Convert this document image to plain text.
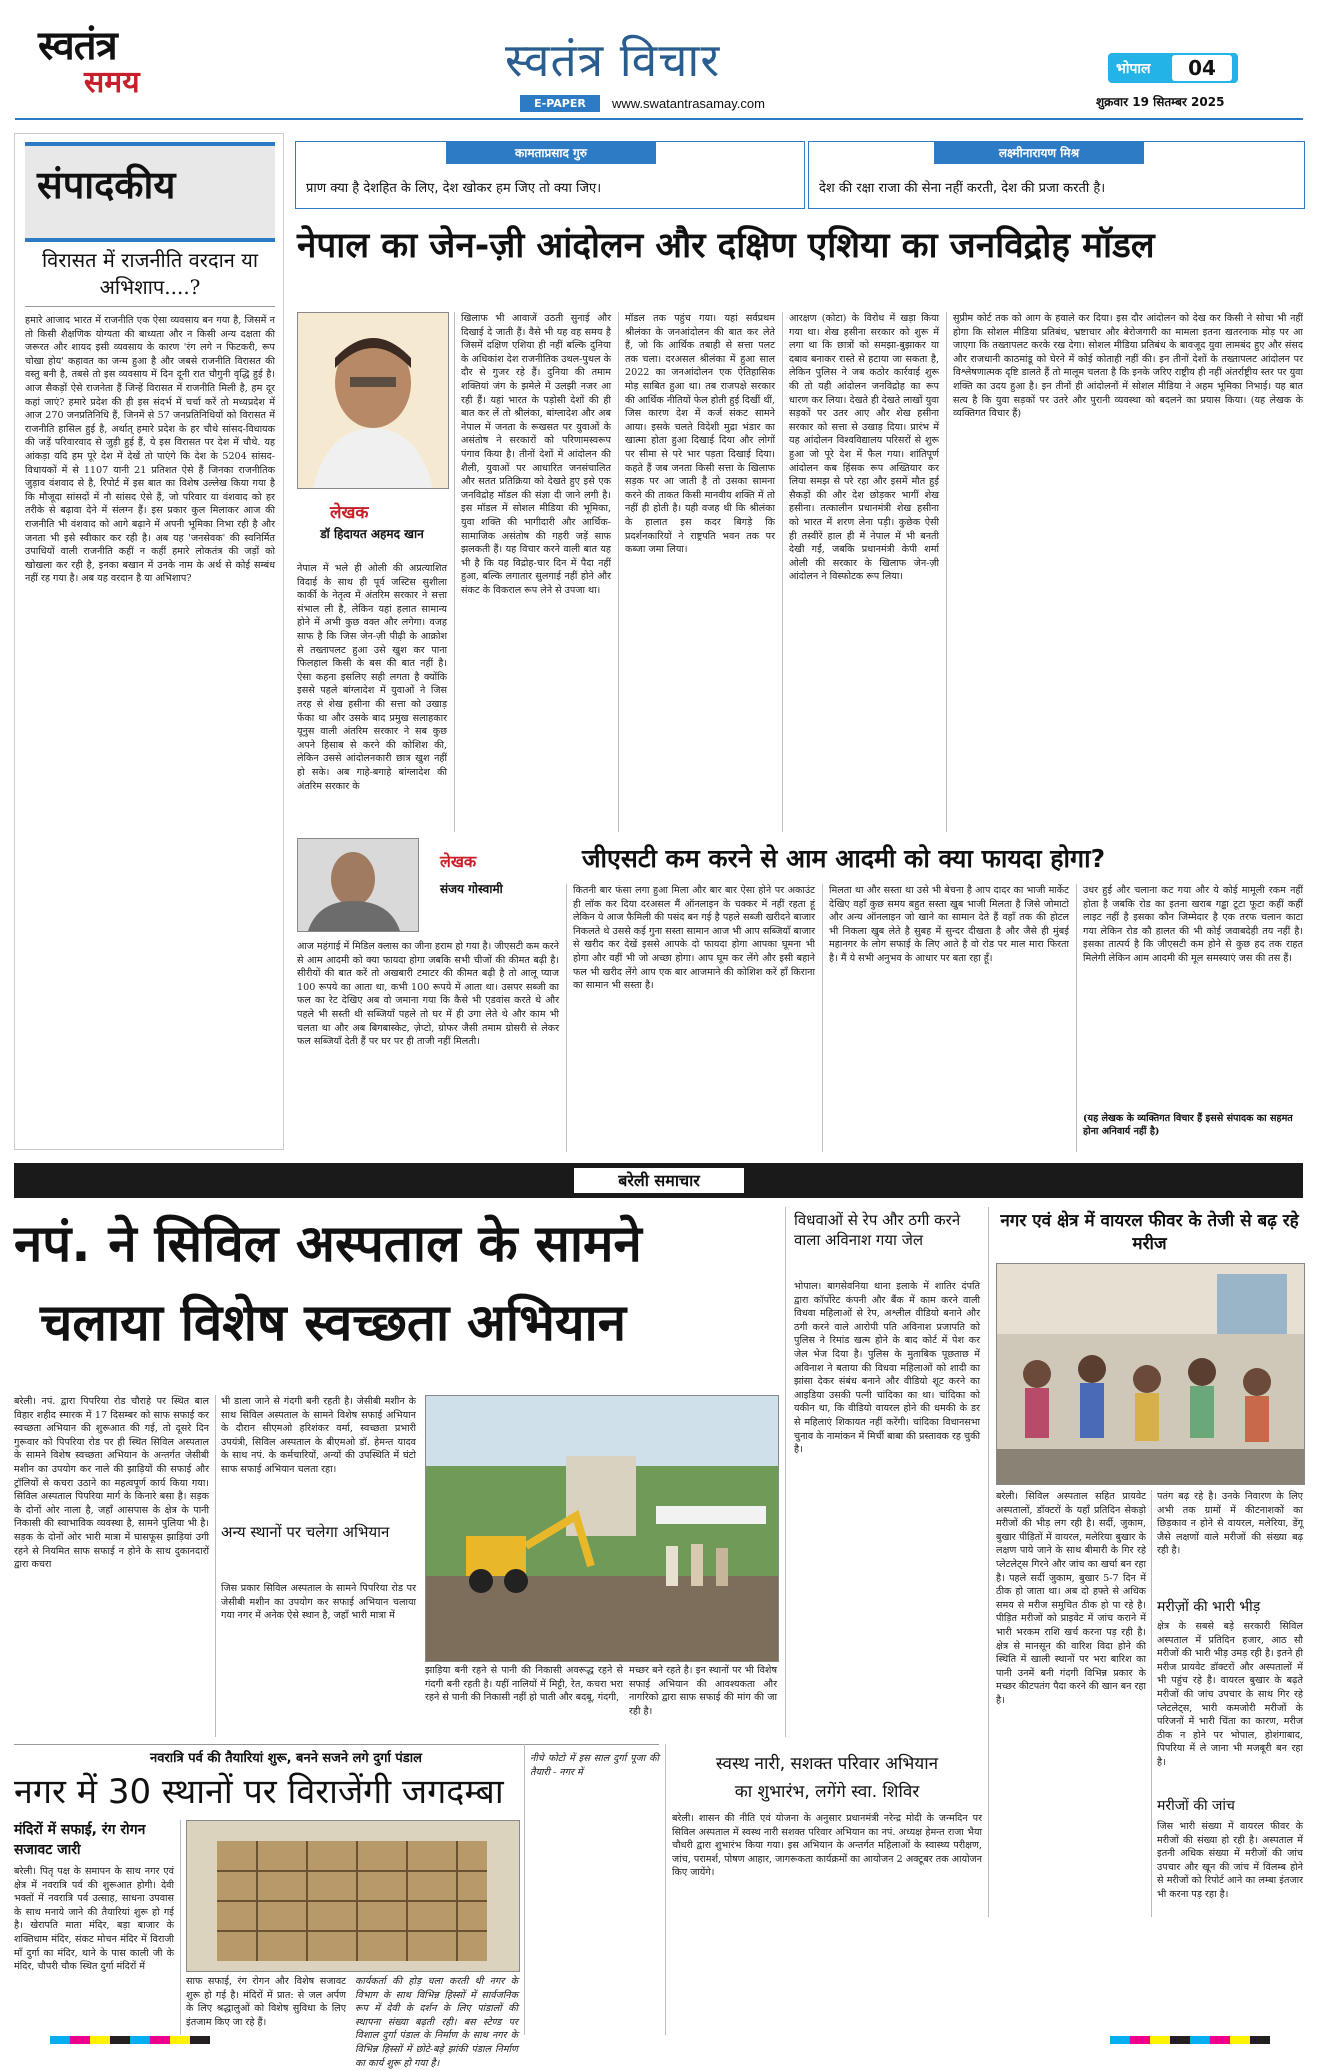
स्वतंत्र
समय	स्वतंत्र विचार
E-PAPER	www.swatantrasamay.com
भोपाल	04
शुक्रवार 19 सितम्बर 2025
संपादकीय
विरासत में राजनीति वरदान या अभिशाप....?
हमारे आजाद भारत में राजनीति एक ऐसा व्यवसाय बन गया है, जिसमें न तो किसी शैक्षणिक योग्यता की बाध्यता और न किसी अन्य दक्षता की जरूरत और शायद इसी व्यवसाय के कारण 'रंग लगे न फिटकरी, रूप चोखा होय' कहावत का जन्म हुआ है और जबसे राजनीति विरासत की वस्तु बनी है, तबसे तो इस व्यवसाय में दिन दूनी रात चौगुनी वृद्धि हुई है। आज सैकड़ों ऐसे राजनेता हैं जिन्हें विरासत में राजनीति मिली है, हम दूर कहां जाएं? हमारे प्रदेश की ही इस संदर्भ में चर्चा करें तो मध्यप्रदेश में आज 270 जनप्रतिनिधि हैं, जिनमें से 57 जनप्रतिनिधियों को विरासत में राजनीति हासिल हुई है, अर्थात् हमारे प्रदेश के हर चौथे सांसद-विधायक की जड़ें परिवारवाद से जुड़ी हुई हैं, ये इस विरासत पर देश में चौथे. यह आंकड़ा यदि हम पूरे देश में देखें तो पाएंगे कि देश के 5204 सांसद-विधायकों में से 1107 यानी 21 प्रतिशत ऐसे हैं जिनका राजनीतिक जुड़ाव वंशवाद से है, रिपोर्ट में इस बात का विशेष उल्लेख किया गया है कि मौजूदा सांसदों में नौ सांसद ऐसे हैं, जो परिवार या वंशवाद को हर तरीके से बढ़ावा देने में संलग्न हैं। इस प्रकार कुल मिलाकर आज की राजनीति भी वंशवाद को आगे बढ़ाने में अपनी भूमिका निभा रही है और जनता भी इसे स्वीकार कर रही है। अब यह 'जनसेवक' की स्वनिर्मित उपाधियों वाली राजनीति कहीं न कहीं हमारे लोकतंत्र की जड़ों को खोखला कर रही है, इनका बखान में उनके नाम के अर्थ से कोई सम्बंध नहीं रह गया है। अब यह वरदान है या अभिशाप?
कामताप्रसाद गुरु
प्राण क्या है देशहित के लिए, देश खोकर हम जिए तो क्या जिए।
लक्ष्मीनारायण मिश्र
देश की रक्षा राजा की सेना नहीं करती, देश की प्रजा करती है।
नेपाल का जेन-ज़ी आंदोलन और दक्षिण एशिया का जनविद्रोह मॉडल
लेखक
डॉ हिदायत अहमद खान
नेपाल में भले ही ओली की अप्रत्याशित विदाई के साथ ही पूर्व जस्टिस सुशीला कार्की के नेतृत्व में अंतरिम सरकार ने सत्ता संभाल ली है, लेकिन यहां हलात सामान्य होने में अभी कुछ वक्त और लगेगा। वजह साफ है कि जिस जेन-ज़ी पीढ़ी के आक्रोश से तख्तापलट हुआ उसे खुश कर पाना फिलहाल किसी के बस की बात नहीं है। ऐसा कहना इसलिए सही लगता है क्योंकि इससे पहले बांग्लादेश में युवाओं ने जिस तरह से शेख हसीना की सत्ता को उखाड़ फेंका था और उसके बाद प्रमुख सलाहकार यूनुस वाली अंतरिम सरकार ने सब कुछ अपने हिसाब से करने की कोशिश की, लेकिन उससे आंदोलनकारी छात्र खुश नहीं हो सके। अब गाहे-बगाहे बांग्लादेश की अंतरिम सरकार के
खिलाफ भी आवाजें उठती सुनाई और दिखाई दे जाती हैं। वैसे भी यह वह समय है जिसमें दक्षिण एशिया ही नहीं बल्कि दुनिया के अधिकांश देश राजनीतिक उथल-पुथल के दौर से गुजर रहे हैं। दुनिया की तमाम शक्तियां जंग के झमेले में उलझी नजर आ रही हैं। यहां भारत के पड़ोसी देशों की ही बात कर लें तो श्रीलंका, बांग्लादेश और अब नेपाल में जनता के रूखसत पर युवाओं के असंतोष ने सरकारों को परिणामस्वरूप पंगाव किया है। तीनों देशों में आंदोलन की शैली, युवाओं पर आधारित जनसंचालित और सतत प्रतिक्रिया को देखते हुए इसे एक जनविद्रोह मॉडल की संज्ञा दी जाने लगी है। इस मॉडल में सोशल मीडिया की भूमिका, युवा शक्ति की भागीदारी और आर्थिक-सामाजिक असंतोष की गहरी जड़ें साफ झलकती हैं। यह विचार करने वाली बात यह भी है कि यह विद्रोह-चार दिन में पैदा नहीं हुआ, बल्कि लगातार सुलगाई नहीं होने और संकट के विकराल रूप लेने से उपजा था।
मॉडल तक पहुंच गया। यहां सर्वप्रथम श्रीलंका के जनआंदोलन की बात कर लेते हैं, जो कि आर्थिक तबाही से सत्ता पलट तक चला। दरअसल श्रीलंका में हुआ साल 2022 का जनआंदोलन एक ऐतिहासिक मोड़ साबित हुआ था। तब राजपक्षे सरकार की आर्थिक नीतियों फेल होती हुई दिखीं थीं, जिस कारण देश में कर्ज संकट सामने आया। इसके चलते विदेशी मुद्रा भंडार का खात्मा होता हुआ दिखाई दिया और लोगों पर सीमा से परे भार पड़ता दिखाई दिया। कहते हैं जब जनता किसी सत्ता के खिलाफ सड़क पर आ जाती है तो उसका सामना करने की ताकत किसी मानवीय शक्ति में तो नहीं ही होती है। यही वजह थी कि श्रीलंका के हालात इस कदर बिगड़े कि प्रदर्शनकारियों ने राष्ट्रपति भवन तक पर कब्जा जमा लिया।
आरक्षण (कोटा) के विरोध में खड़ा किया गया था। शेख हसीना सरकार को शुरू में लगा था कि छात्रों को समझा-बुझाकर या दबाव बनाकर रास्ते से हटाया जा सकता है, लेकिन पुलिस ने जब कठोर कार्रवाई शुरू की तो यही आंदोलन जनविद्रोह का रूप धारण कर लिया। देखते ही देखते लाखों युवा सड़कों पर उतर आए और शेख हसीना सरकार को सत्ता से उखाड़ दिया। प्रारंभ में यह आंदोलन विश्वविद्यालय परिसरों से शुरू हुआ जो पूरे देश में फैल गया। शांतिपूर्ण आंदोलन कब हिंसक रूप अख्तियार कर लिया समझ से परे रहा और इसमें मौत हुई सैकड़ों की और देश छोड़कर भागीं शेख हसीना। तत्कालीन प्रधानमंत्री शेख हसीना को भारत में शरण लेना पड़ी। कुछेक ऐसी ही तस्वीरें हाल ही में नेपाल में भी बनती देखी गईं, जबकि प्रधानमंत्री केपी शर्मा ओली की सरकार के खिलाफ जेन-ज़ी आंदोलन ने विस्फोटक रूप लिया।
सुप्रीम कोर्ट तक को आग के हवाले कर दिया। इस दौर आंदोलन को देख कर किसी ने सोचा भी नहीं होगा कि सोशल मीडिया प्रतिबंध, भ्रष्टाचार और बेरोजगारी का मामला इतना खतरनाक मोड़ पर आ जाएगा कि तख्तापलट करके रख देगा। सोशल मीडिया प्रतिबंध के बावजूद युवा लामबंद हुए और संसद और राजधानी काठमांडू को घेरने में कोई कोताही नहीं की। इन तीनों देशों के तख्तापलट आंदोलन पर विश्लेषणात्मक दृष्टि डालते हैं तो मालूम चलता है कि इनके जरिए राष्ट्रीय ही नहीं अंतर्राष्ट्रीय स्तर पर युवा शक्ति का उदय हुआ है। इन तीनों ही आंदोलनों में सोशल मीडिया ने अहम भूमिका निभाई। यह बात सत्य है कि युवा सड़कों पर उतरे और पुरानी व्यवस्था को बदलने का प्रयास किया। (यह लेखक के व्यक्तिगत विचार हैं)
लेखक
संजय गोस्वामी
जीएसटी कम करने से आम आदमी को क्या फायदा होगा?
आज महंगाई में मिडिल क्लास का जीना हराम हो गया है। जीएसटी कम करने से आम आदमी को क्या फायदा होगा जबकि सभी चीजों की कीमत बढ़ी है। सीरीयों की बात करें तो अखबारी टमाटर की कीमत बढ़ी है तो आलू प्याज 100 रूपये का आता था, कभी 100 रूपये में आता था। उसपर सब्जी का फल का रेट देखिए अब वो जमाना गया कि कैसे भी एडवांस करते थे और पहले भी सस्ती थी सब्जियाँ पहले तो घर में ही उगा लेते थे और काम भी चलता था और अब बिगबास्केट, ज़ेप्टो, ग्रोफर जैसी तमाम ग्रोसरी से लेकर फल सब्जियाँ देती हैं पर घर पर ही ताजी नहीं मिलती।
कितनी बार फंसा लगा हुआ मिला और बार बार ऐसा होने पर अकाउंट ही लॉक कर दिया दरअसल मैं ऑनलाइन के चक्कर में नहीं रहता हूं लेकिन ये आज फैमिली की पसंद बन गई है पहले सब्जी खरीदने बाजार निकलते थे उससे कई गुना सस्ता सामान आज भी आप सब्जियाँ बाजार से खरीद कर देखें इससे आपके दो फायदा होगा आपका घूमना भी होगा और वहीं भी जो अच्छा होगा। आप घूम कर लेंगे और इसी बहाने फल भी खरीद लेंगे आप एक बार आजमाने की कोशिश करें हाँ किराना का सामान भी सस्ता है।
मिलता था और सस्ता था उसे भी बेचना है आप दादर का भाजी मार्केट देखिए वहाँ कुछ समय बहुत सस्ता खुब भाजी मिलता है जिसे जोमाटो और अन्य ऑनलाइन जो खाने का सामान देते हैं वहाँ तक की होटल भी निकला खुब लेते है सुबह में सुन्दर दीखता है और जैसे ही मुंबई महानगर के लोग सफाई के लिए आते है वो रोड पर माल मारा फिरता है। मैं ये सभी अनुभव के आधार पर बता रहा हूँ।
उधर हुई और चलाना कट गया और ये कोई मामूली रकम नहीं होता है जबकि रोड का इतना खराब गड्ढा टूटा फूटा कहीं कहीं लाइट नहीं है इसका कौन जिम्मेदार है एक तरफ चलान काटा गया लेकिन रोड कौ हालत की भी कोई जवाबदेही तय नहीं है। इसका तात्पर्य है कि जीएसटी कम होने से कुछ हद तक राहत मिलेगी लेकिन आम आदमी की मूल समस्याएं जस की तस हैं।
(यह लेखक के व्यक्तिगत विचार हैं इससे संपादक का सहमत होना अनिवार्य नहीं है)
बरेली समाचार
नपं. ने सिविल अस्पताल के सामने
चलाया विशेष स्वच्छता अभियान
बरेली। नपं. द्वारा पिपरिया रोड चौराहे पर स्थित बाल विहार शहीद स्मारक में 17 दिसम्बर को साफ सफाई कर स्वच्छता अभियान की शुरूआत की गई, तो दूसरे दिन गुरूवार को पिपरिया रोड पर ही स्थित सिविल अस्पताल के सामने विशेष स्वच्छता अभियान के अन्तर्गत जेसीबी मशीन का उपयोग कर नाले की झाड़ियों की सफाई और ट्रॉलियों से कचरा उठाने का महत्वपूर्ण कार्य किया गया। सिविल अस्पताल पिपरिया मार्ग के किनारे बसा है। सड़क के दोनों ओर नाला है, जहाँ आसपास के क्षेत्र के पानी निकासी की स्वाभाविक व्यवस्था है, सामने पुलिया भी है। सड़क के दोनों ओर भारी मात्रा में घासफूस झाड़ियां उगी रहने से नियमित साफ सफाई न होने के साथ दुकानदारों द्वारा कचरा
भी डाला जाने से गंदगी बनी रहती है। जेसीबी मशीन के साथ सिविल अस्पताल के सामने विशेष सफाई अभियान के दौरान सीएमओ हरिशंकर वर्मा, स्वच्छता प्रभारी उपयंत्री, सिविल अस्पताल के बीएमओ डॉ. हेमन्त यादव के साथ नपं. के कर्मचारियों, अन्यों की उपस्थिति में घंटो साफ सफाई अभियान चलता रहा।
अन्य स्थानों पर चलेगा अभियान
जिस प्रकार सिविल अस्पताल के सामने पिपरिया रोड पर जेसीबी मशीन का उपयोग कर सफाई अभियान चलाया गया नगर में अनेक ऐसे स्थान है, जहाँ भारी मात्रा में
झाड़िया बनी रहने से पानी की निकासी अवरूद्ध रहने से गंदगी बनी रहती है। यहीं नालियों में मिट्टी, रेत, कचरा भरा रहने से पानी की निकासी नहीं हो पाती और बदबू, गंदगी,
मच्छर बने रहते है। इन स्थानों पर भी विशेष सफाई अभियान की आवश्यकता और नागरिको द्वारा साफ सफाई की मांग की जा रही है।
विधवाओं से रेप और ठगी करने वाला अविनाश गया जेल
भोपाल। बागसेवनिया थाना इलाके में शातिर दंपति द्वारा कॉर्पोरेट कंपनी और बैंक में काम करने वाली विधवा महिलाओं से रेप, अश्लील वीडियो बनाने और ठगी करने वाले आरोपी पति अविनाश प्रजापति को पुलिस ने रिमांड खत्म होने के बाद कोर्ट में पेश कर जेल भेज दिया है। पुलिस के मुताबिक पूछताछ में अविनाश ने बताया की विधवा महिलाओं को शादी का झांसा देकर संबंध बनाने और वीडियो शूट करने का आइडिया उसकी पत्नी चांदिका का था। चांदिका को यकीन था, कि वीडियो वायरल होने की धमकी के डर से महिलाएं शिकायत नहीं करेंगी। चांदिका विधानसभा चुनाव के नामांकन में मिर्ची बाबा की प्रस्तावक रह चुकी है।
नगर एवं क्षेत्र में वायरल फीवर के तेजी से बढ़ रहे मरीज
बरेली। सिविल अस्पताल सहित प्रायवेट अस्पतालों, डॉक्टरों के यहाँ प्रतिदिन सेकड़ो मरीजों की भीड़ लग रही है। सर्दी, जुकाम, बुखार पीड़ितों में वायरल, मलेरिया बुखार के लक्षण पाये जाने के साथ बीमारी के गिर रहे प्लेटलेट्स गिरने और जांच का खर्चा बन रहा है। पहले सर्दी जुकाम, बुखार 5-7 दिन में ठीक हो जाता था। अब दो हफ्ते से अधिक समय से मरीज समुचित ठीक हो पा रहे है। पीड़ित मरीजों को प्राइवेट में जांच कराने में भारी भरकम राशि खर्च करना पड़ रही है। क्षेत्र से मानसून की वारिश विदा होने की स्थिति में खाली स्थानों पर भरा बारिश का पानी उनमें बनी गंदगी विभिन्न प्रकार के मच्छर कीटपतंग पैदा करने की खान बन रहा है।
पतंग बढ़ रहे है। उनके निवारण के लिए अभी तक ग्रामों में कीटनाशकों का छिड़काव न होने से वायरल, मलेरिया, डेंगू जैसे लक्षणों वाले मरीजों की संख्या बढ़ रही है।
मरीज़ों की भारी भीड़
क्षेत्र के सबसे बड़े सरकारी सिविल अस्पताल में प्रतिदिन हजार, आठ सौ मरीजों की भारी भीड़ उमड़ रही है। इतने ही मरीज प्रायवेट डॉक्टरों और अस्पतालों में भी पहुंच रहे है। वायरल बुखार के बढ़ते मरीजों की जांच उपचार के साथ गिर रहे प्लेटलेट्स, भारी कमजोरी मरीजों के परिजनों में भारी चिंता का कारण, मरीज ठीक न होने पर भोपाल, होशंगाबाद, पिपरिया में ले जाना भी मजबूरी बन रहा है।
मरीजों की जांच
जिस भारी संख्या में वायरल फीवर के मरीजों की संख्या हो रही है। अस्पताल में इतनी अधिक संख्या में मरीजों की जांच उपचार और खून की जांच में विलम्ब होने से मरीजों को रिपोर्ट आने का लम्बा इंतजार भी करना पड़ रहा है।
नवरात्रि पर्व की तैयारियां शुरू, बनने सजने लगे दुर्गा पंडाल
नगर में 30 स्थानों पर विराजेंगी जगदम्बा
मंदिरों में सफाई, रंग रोगन सजावट जारी
बरेली। पितृ पक्ष के समापन के साथ नगर एवं क्षेत्र में नवरात्रि पर्व की शुरूआत होगी। देवी भक्तों में नवरात्रि पर्व उत्साह, साधना उपवास के साथ मनाये जाने की तैयारियां शुरू हो गई है। खेरापति माता मंदिर, बड़ा बाजार के शक्तिधाम मंदिर, संकट मोचन मंदिर में विराजी माँ दुर्गा का मंदिर, थाने के पास काली जी के मंदिर, चौपरी चौक स्थित दुर्गा मंदिरों में
साफ सफाई, रंग रोगन और विशेष सजावट शुरू हो गई है। मंदिरों में प्रात: से जल अर्पण के लिए श्रद्धालुओं को विशेष सुविधा के लिए इंतजाम किए जा रहे हैं।
कार्यकर्ता की होड़ चला करती थी नगर के विभाग के साथ विभिन्न हिस्सों में सार्वजनिक रूप में देवी के दर्शन के लिए पांडालों की स्थापना संख्या बढ़ती रही। बस स्टेण्ड पर विशाल दुर्गा पंडाल के निर्माण के साथ नगर के विभिन्न हिस्सों में छोटे-बड़े झांकी पंडाल निर्माण का कार्य शुरू हो गया है।
नीचे फोटो में इस साल दुर्गा पूजा की तैयारी - नगर में	स्वस्थ नारी, सशक्त परिवार अभियान
का शुभारंभ, लगेंगे स्वा. शिविर
बरेली। शासन की नीति एवं योजना के अनुसार प्रधानमंत्री नरेन्द्र मोदी के जन्मदिन पर सिविल अस्पताल में स्वस्थ नारी सशक्त परिवार अभियान का नपं. अध्यक्ष हेमन्त राजा भैया चौधरी द्वारा शुभारंभ किया गया। इस अभियान के अन्तर्गत महिलाओं के स्वास्थ्य परीक्षण, जांच, परामर्श, पोषण आहार, जागरूकता कार्यक्रमों का आयोजन 2 अक्टूबर तक आयोजन किए जायेंगे।
